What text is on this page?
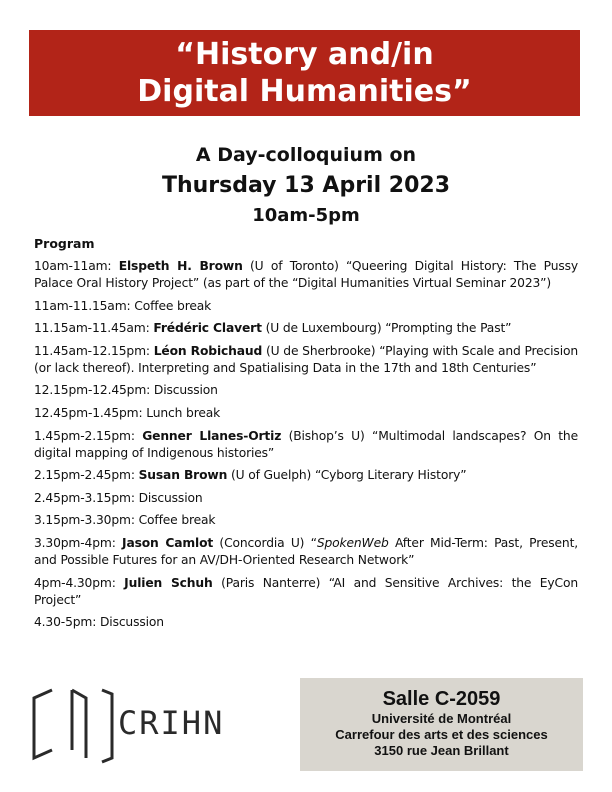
“History and/in
Digital Humanities”
A Day-colloquium on
Thursday 13 April 2023
10am-5pm
Program

10am-11am: Elspeth H. Brown (U of Toronto) “Queering Digital History: The Pussy Palace Oral History Project” (as part of the “Digital Humanities Virtual Seminar 2023”)

11am-11.15am: Coffee break

11.15am-11.45am: Frédéric Clavert (U de Luxembourg) “Prompting the Past”

11.45am-12.15pm: Léon Robichaud (U de Sherbrooke) “Playing with Scale and Precision (or lack thereof). Interpreting and Spatialising Data in the 17th and 18th Centuries”

12.15pm-12.45pm: Discussion

12.45pm-1.45pm: Lunch break

1.45pm-2.15pm: Genner Llanes-Ortiz (Bishop’s U) “Multimodal landscapes? On the digital mapping of Indigenous histories”

2.15pm-2.45pm: Susan Brown (U of Guelph) “Cyborg Literary History”

2.45pm-3.15pm: Discussion

3.15pm-3.30pm: Coffee break

3.30pm-4pm: Jason Camlot (Concordia U) “SpokenWeb After Mid-Term: Past, Present, and Possible Futures for an AV/DH-Oriented Research Network”

4pm-4.30pm: Julien Schuh (Paris Nanterre) “AI and Sensitive Archives: the EyCon Project”

4.30-5pm: Discussion

CRIHN
Salle C-2059
Université de Montréal
Carrefour des arts et des sciences
3150 rue Jean Brillant
